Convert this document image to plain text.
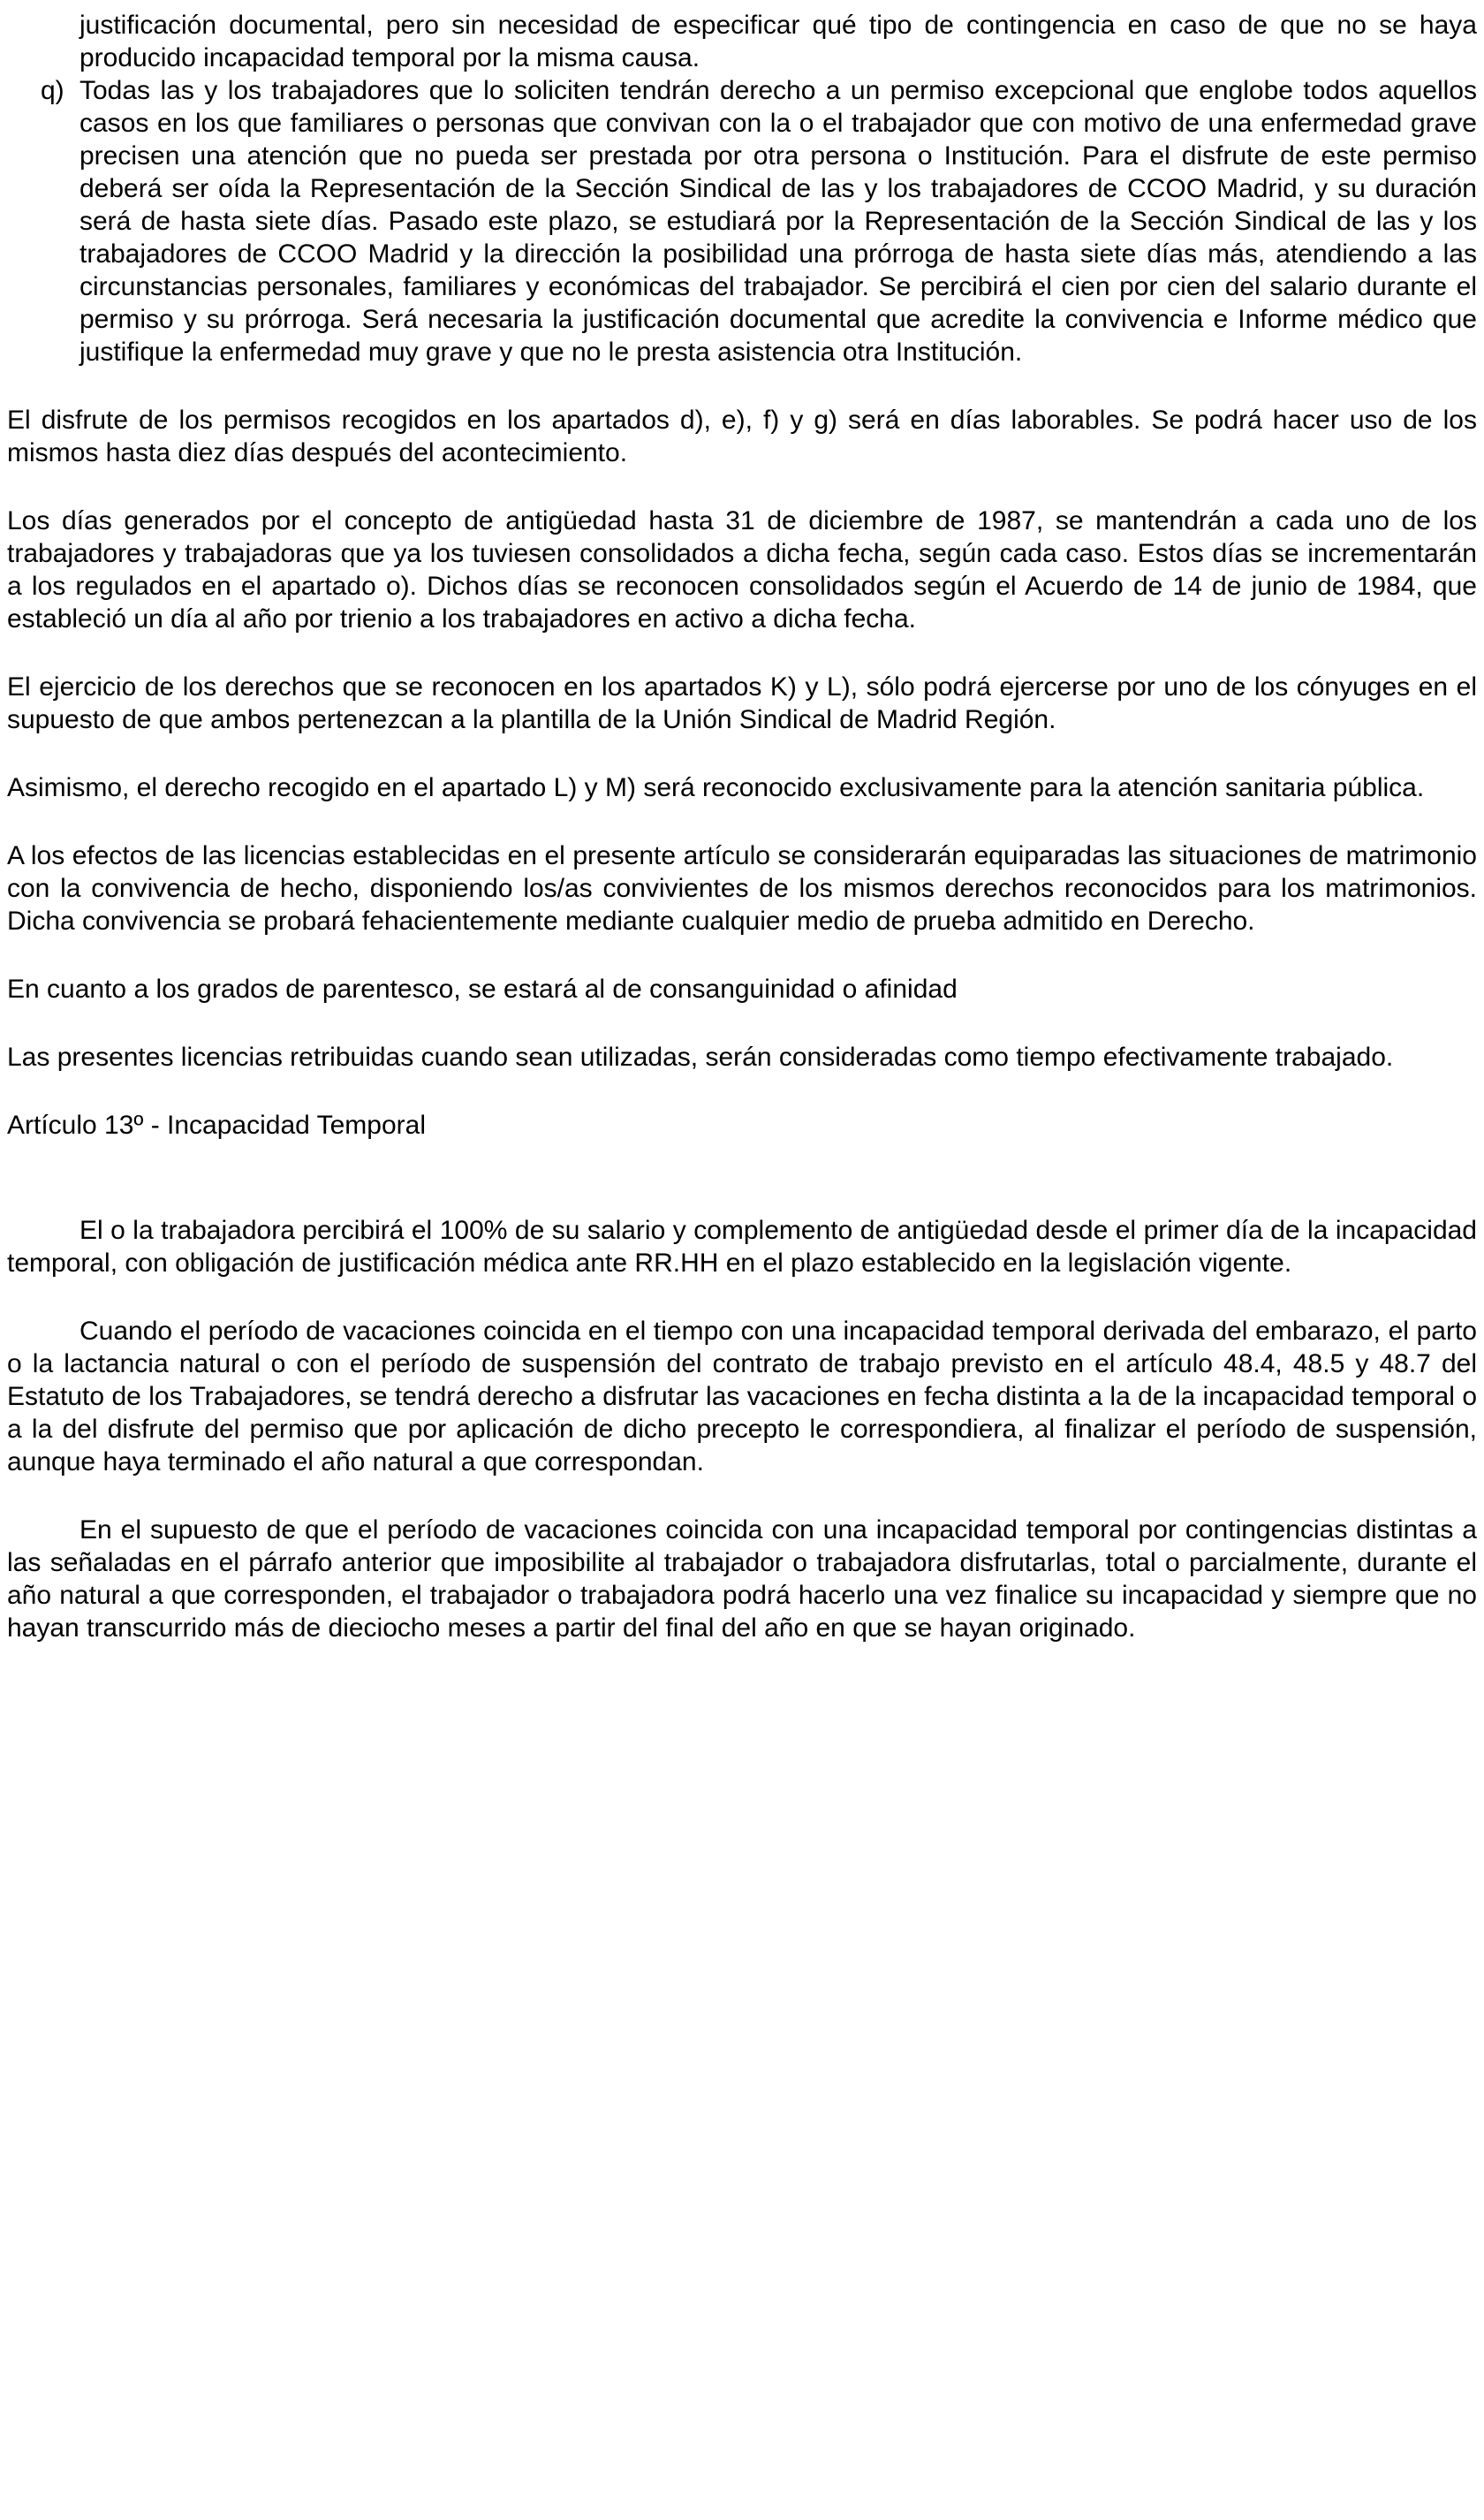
justificación documental, pero sin necesidad de especificar qué tipo de contingencia en caso de que no se haya producido incapacidad temporal por la misma causa.

q) Todas las y los trabajadores que lo soliciten tendrán derecho a un permiso excepcional que englobe todos aquellos casos en los que familiares o personas que convivan con la o el trabajador que con motivo de una enfermedad grave precisen una atención que no pueda ser prestada por otra persona o Institución. Para el disfrute de este permiso deberá ser oída la Representación de la Sección Sindical de las y los trabajadores de CCOO Madrid, y su duración será de hasta siete días. Pasado este plazo, se estudiará por la Representación de la Sección Sindical de las y los trabajadores de CCOO Madrid y la dirección la posibilidad una prórroga de hasta siete días más, atendiendo a las circunstancias personales, familiares y económicas del trabajador. Se percibirá el cien por cien del salario durante el permiso y su prórroga. Será necesaria la justificación documental que acredite la convivencia e Informe médico que justifique la enfermedad muy grave y que no le presta asistencia otra Institución.

El disfrute de los permisos recogidos en los apartados d), e), f) y g) será en días laborables. Se podrá hacer uso de los mismos hasta diez días después del acontecimiento.

Los días generados por el concepto de antigüedad hasta 31 de diciembre de 1987, se mantendrán a cada uno de los trabajadores y trabajadoras que ya los tuviesen consolidados a dicha fecha, según cada caso. Estos días se incrementarán a los regulados en el apartado o). Dichos días se reconocen consolidados según el Acuerdo de 14 de junio de 1984, que estableció un día al año por trienio a los trabajadores en activo a dicha fecha.

El ejercicio de los derechos que se reconocen en los apartados K) y L), sólo podrá ejercerse por uno de los cónyuges en el supuesto de que ambos pertenezcan a la plantilla de la Unión Sindical de Madrid Región.

Asimismo, el derecho recogido en el apartado L) y M) será reconocido exclusivamente para la atención sanitaria pública.

A los efectos de las licencias establecidas en el presente artículo se considerarán equiparadas las situaciones de matrimonio con la convivencia de hecho, disponiendo los/as convivientes de los mismos derechos reconocidos para los matrimonios. Dicha convivencia se probará fehacientemente mediante cualquier medio de prueba admitido en Derecho.

En cuanto a los grados de parentesco, se estará al de consanguinidad o afinidad

Las presentes licencias retribuidas cuando sean utilizadas, serán consideradas como tiempo efectivamente trabajado.

Artículo 13º - Incapacidad Temporal

El o la trabajadora percibirá el 100% de su salario y complemento de antigüedad desde el primer día de la incapacidad temporal, con obligación de justificación médica ante RR.HH en el plazo establecido en la legislación vigente.

Cuando el período de vacaciones coincida en el tiempo con una incapacidad temporal derivada del embarazo, el parto o la lactancia natural o con el período de suspensión del contrato de trabajo previsto en el artículo 48.4, 48.5 y 48.7 del Estatuto de los Trabajadores, se tendrá derecho a disfrutar las vacaciones en fecha distinta a la de la incapacidad temporal o a la del disfrute del permiso que por aplicación de dicho precepto le correspondiera, al finalizar el período de suspensión, aunque haya terminado el año natural a que correspondan.

En el supuesto de que el período de vacaciones coincida con una incapacidad temporal por contingencias distintas a las señaladas en el párrafo anterior que imposibilite al trabajador o trabajadora disfrutarlas, total o parcialmente, durante el año natural a que corresponden, el trabajador o trabajadora podrá hacerlo una vez finalice su incapacidad y siempre que no hayan transcurrido más de dieciocho meses a partir del final del año en que se hayan originado.
